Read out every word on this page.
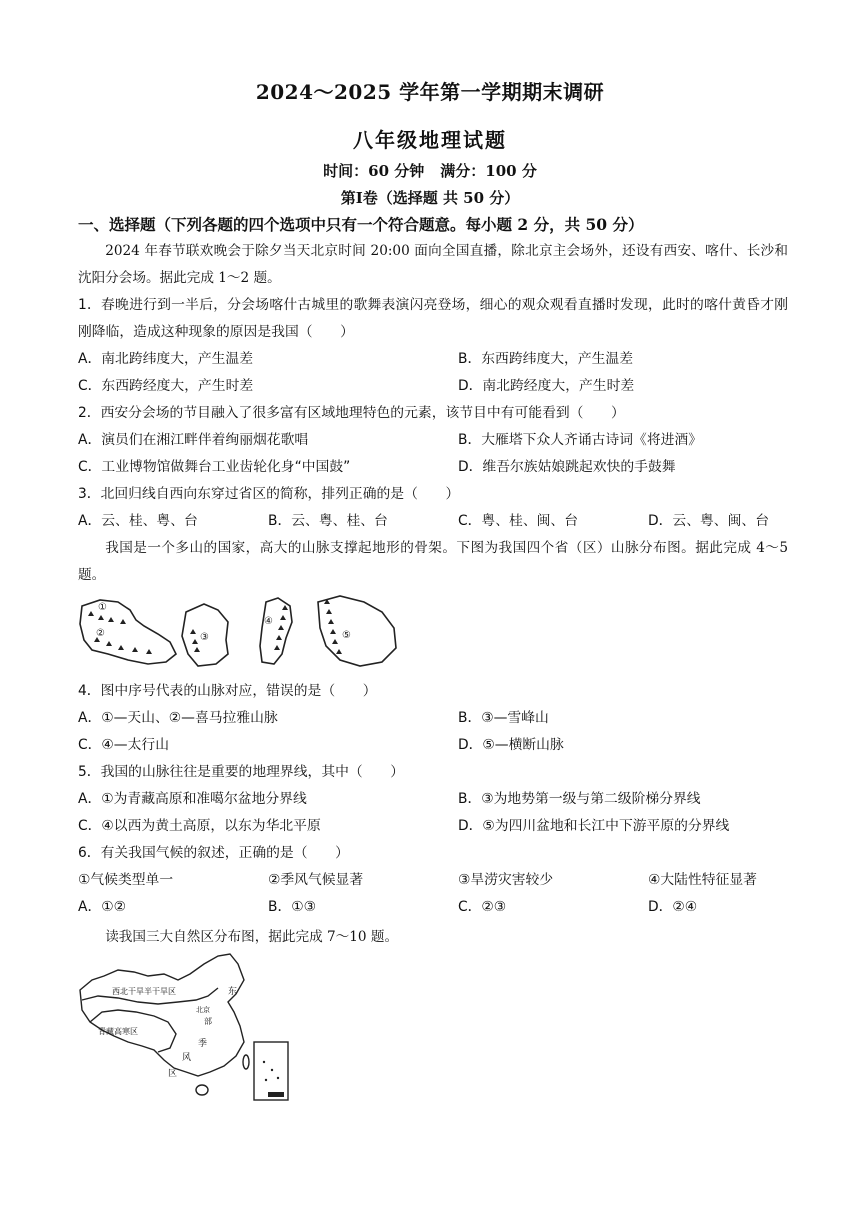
2024～2025 学年第一学期期末调研
八年级地理试题
时间：60 分钟 满分：100 分
第Ⅰ卷（选择题 共 50 分）
一、选择题（下列各题的四个选项中只有一个符合题意。每小题 2 分，共 50 分）
2024 年春节联欢晚会于除夕当天北京时间 20:00 面向全国直播，除北京主会场外，还设有西安、喀什、长沙和沈阳分会场。据此完成 1～2 题。
1．春晚进行到一半后，分会场喀什古城里的歌舞表演闪亮登场，细心的观众观看直播时发现，此时的喀什黄昏才刚刚降临，造成这种现象的原因是我国（　　）
A．南北跨纬度大，产生温差	B．东西跨纬度大，产生温差
C．东西跨经度大，产生时差	D．南北跨经度大，产生时差
2．西安分会场的节目融入了很多富有区域地理特色的元素，该节目中有可能看到（　　）
A．演员们在湘江畔伴着绚丽烟花歌唱	B．大雁塔下众人齐诵古诗词《将进酒》
C．工业博物馆做舞台工业齿轮化身“中国鼓”	D．维吾尔族姑娘跳起欢快的手鼓舞
3．北回归线自西向东穿过省区的简称，排列正确的是（　　）
A．云、桂、粤、台	B．云、粤、桂、台	C．粤、桂、闽、台	D．云、粤、闽、台
我国是一个多山的国家，高大的山脉支撑起地形的骨架。下图为我国四个省（区）山脉分布图。据此完成 4～5 题。
①
②	③
④
⑤
4．图中序号代表的山脉对应，错误的是（　　）
A．①—天山、②—喜马拉雅山脉	B．③—雪峰山
C．④—太行山	D．⑤—横断山脉
5．我国的山脉往往是重要的地理界线，其中（　　）
A．①为青藏高原和准噶尔盆地分界线	B．③为地势第一级与第二级阶梯分界线
C．④以西为黄土高原，以东为华北平原	D．⑤为四川盆地和长江中下游平原的分界线
6．有关我国气候的叙述，正确的是（　　）
①气候类型单一	②季风气候显著	③旱涝灾害较少	④大陆性特征显著
A．①②	B．①③	C．②③	D．②④
读我国三大自然区分布图，据此完成 7～10 题。
西北干旱半干旱区
青藏高寒区
北京
部
东
季
风
区
